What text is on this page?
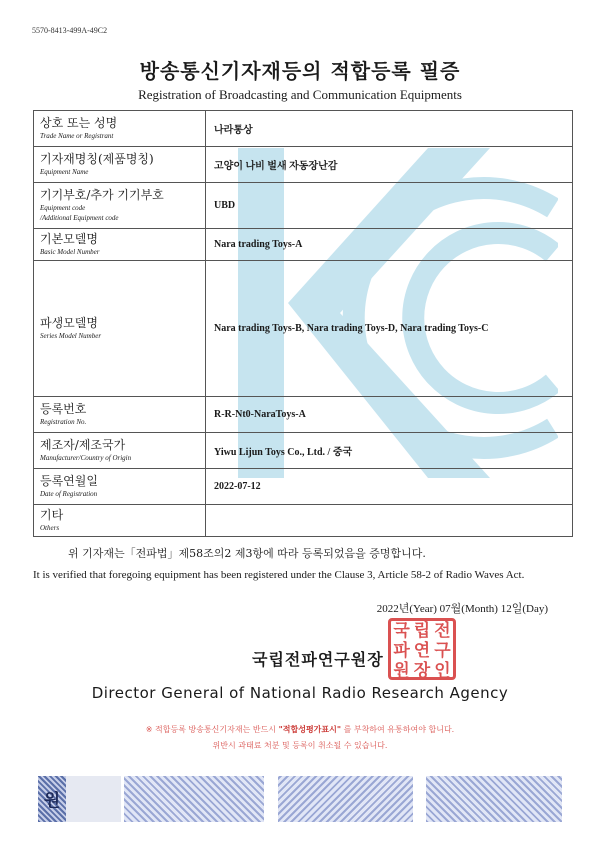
5570-8413-499A-49C2
방송통신기자재등의 적합등록 필증
Registration of Broadcasting and Communication Equipments
상호 또는 성명
Trade Name or Registrant	나라통상

기자재명칭(제품명칭)
Equipment Name	고양이 나비 벌새 자동장난감

기기부호/추가 기기부호
Equipment code
/Additional Equipment code	UBD

기본모델명
Basic Model Number	Nara trading Toys-A

파생모델명
Series Model Number	Nara trading Toys-B, Nara trading Toys-D, Nara trading Toys-C

등록번호
Registration No.	R-R-Nt0-NaraToys-A

제조자/제조국가
Manufacturer/Country of Origin	Yiwu Lijun Toys Co., Ltd. / 중국

등록연월일
Date of Registration	2022-07-12

기타
Others	

위 기자재는「전파법」제58조의2 제3항에 따라 등록되었음을 증명합니다.
It is verified that foregoing equipment has been registered under the Clause 3, Article 58-2 of Radio Waves Act.
2022년(Year) 07월(Month) 12일(Day)
국립전파연구원장
국 립 전
파 연 구
원 장 인
Director General of National Radio Research Agency
※ 적합등록 방송통신기자재는 반드시 "적합성평가표시" 를 부착하여 유통하여야 합니다.
위반시 과태료 처분 및 등록이 취소될 수 있습니다.
원
